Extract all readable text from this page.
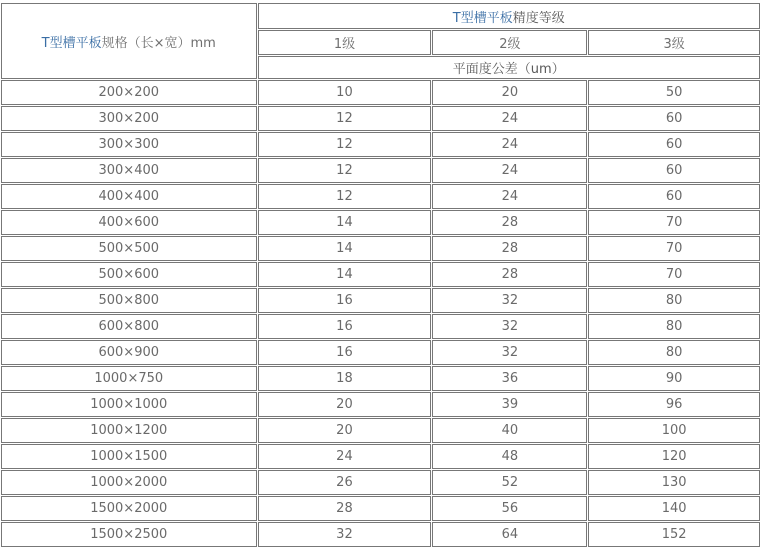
T型槽平板规格（长×宽）mm	T型槽平板精度等级		
	1级	2级	3级
	平面度公差（um）		
200×200	10	20	50
300×200	12	24	60
300×300	12	24	60
300×400	12	24	60
400×400	12	24	60
400×600	14	28	70
500×500	14	28	70
500×600	14	28	70
500×800	16	32	80
600×800	16	32	80
600×900	16	32	80
1000×750	18	36	90
1000×1000	20	39	96
1000×1200	20	40	100
1000×1500	24	48	120
1000×2000	26	52	130
1500×2000	28	56	140
1500×2500	32	64	152
